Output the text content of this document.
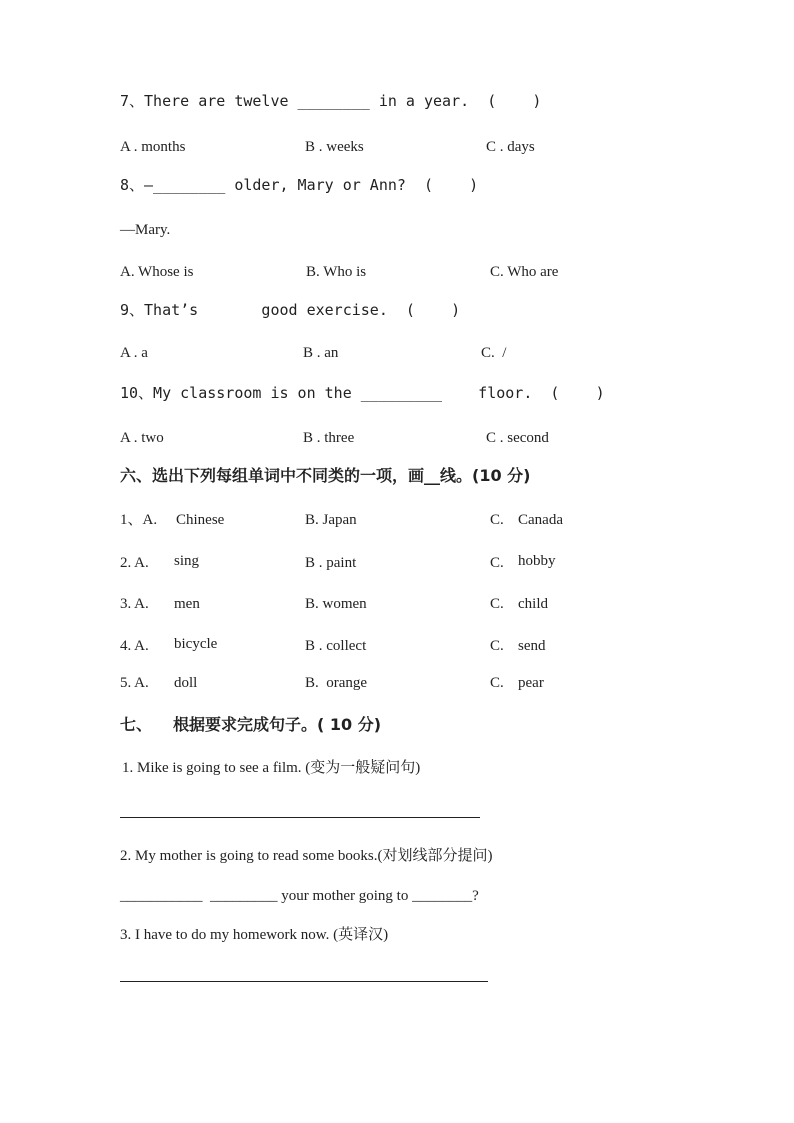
7、There are twelve ________ in a year.  (    )
A . months	B . weeks	C . days
8、—________ older, Mary or Ann?  (    )
—Mary.
A. Whose is	B. Who is	C. Who are
9、That’s       good exercise.  (    )
A . a	B . an	C.  /
10、My classroom is on the _________    floor.  (    )
A . two	B . three	C . second
六、选出下列每组单词中不同类的一项，画__线。(10 分)
1、A. Chinese	B. Japan	C. Canada
2. A. sing	B . paint	C. hobby
3. A. men	B. women	C. child
4. A. bicycle	B . collect	C. send
5. A. doll	B.  orange	C. pear
七、 根据要求完成句子。( 10 分)
1. Mike is going to see a film. (变为一般疑问句)
2. My mother is going to read some books.(对划线部分提问)
___________  _________ your mother going to ________?
3. I have to do my homework now. (英译汉)
